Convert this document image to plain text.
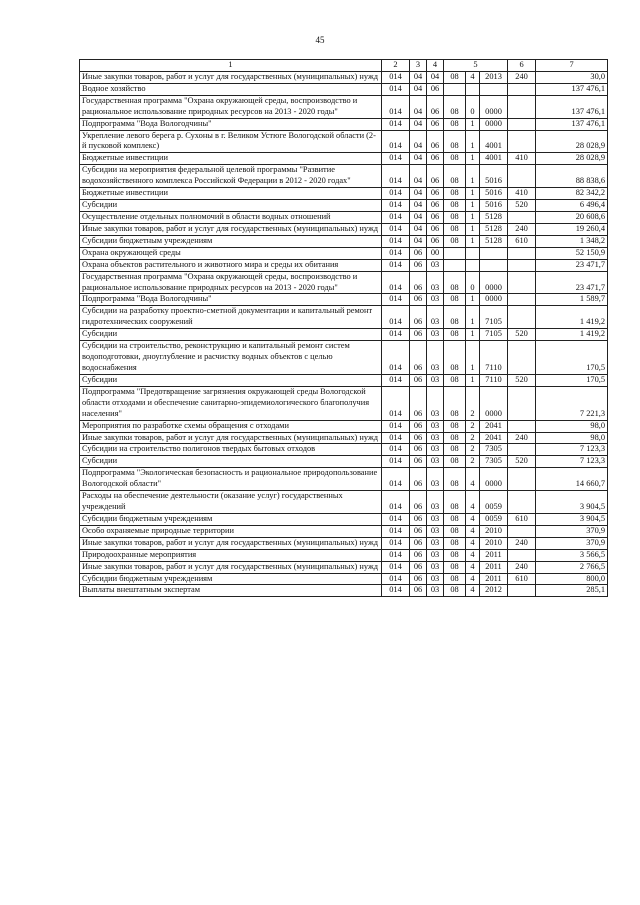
45
1	2	3	4	5			6	7
Иные закупки товаров, работ и услуг для государственных (муниципальных) нужд	014	04	04	08	4	2013	240	30,0
Водное хозяйство	014	04	06					137 476,1
Государственная программа "Охрана окружающей среды, воспроизводство и рациональное использование природных ресурсов на 2013 - 2020 годы"	014	04	06	08	0	0000		137 476,1
Подпрограмма "Вода Вологодчины"	014	04	06	08	1	0000		137 476,1
Укрепление левого берега р. Сухоны в г. Великом Устюге Вологодской области (2-й пусковой комплекс)	014	04	06	08	1	4001		28 028,9
Бюджетные инвестиции	014	04	06	08	1	4001	410	28 028,9
Субсидии на мероприятия федеральной целевой программы "Развитие водохозяйственного комплекса Российской Федерации в 2012 - 2020 годах"	014	04	06	08	1	5016		88 838,6
Бюджетные инвестиции	014	04	06	08	1	5016	410	82 342,2
Субсидии	014	04	06	08	1	5016	520	6 496,4
Осуществление отдельных полномочий в области водных отношений	014	04	06	08	1	5128		20 608,6
Иные закупки товаров, работ и услуг для государственных (муниципальных) нужд	014	04	06	08	1	5128	240	19 260,4
Субсидии бюджетным учреждениям	014	04	06	08	1	5128	610	1 348,2
Охрана окружающей среды	014	06	00					52 150,9
Охрана объектов растительного и животного мира и среды их обитания	014	06	03					23 471,7
Государственная программа "Охрана окружающей среды, воспроизводство и рациональное использование природных ресурсов на 2013 - 2020 годы"	014	06	03	08	0	0000		23 471,7
Подпрограмма "Вода Вологодчины"	014	06	03	08	1	0000		1 589,7
Субсидии на разработку проектно-сметной документации и капитальный ремонт гидротехнических сооружений	014	06	03	08	1	7105		1 419,2
Субсидии	014	06	03	08	1	7105	520	1 419,2
Субсидии на строительство, реконструкцию и капитальный ремонт систем водоподготовки, дноуглубление и расчистку водных объектов с целью водоснабжения	014	06	03	08	1	7110		170,5
Субсидии	014	06	03	08	1	7110	520	170,5
Подпрограмма "Предотвращение загрязнения окружающей среды Вологодской области отходами и обеспечение санитарно-эпидемиологического благополучия населения"	014	06	03	08	2	0000		7 221,3
Мероприятия по разработке схемы обращения с отходами	014	06	03	08	2	2041		98,0
Иные закупки товаров, работ и услуг для государственных (муниципальных) нужд	014	06	03	08	2	2041	240	98,0
Субсидии на строительство полигонов твердых бытовых отходов	014	06	03	08	2	7305		7 123,3
Субсидии	014	06	03	08	2	7305	520	7 123,3
Подпрограмма "Экологическая безопасность и рациональное природопользование Вологодской области"	014	06	03	08	4	0000		14 660,7
Расходы на обеспечение деятельности (оказание услуг) государственных учреждений	014	06	03	08	4	0059		3 904,5
Субсидии бюджетным учреждениям	014	06	03	08	4	0059	610	3 904,5
Особо охраняемые природные территории	014	06	03	08	4	2010		370,9
Иные закупки товаров, работ и услуг для государственных (муниципальных) нужд	014	06	03	08	4	2010	240	370,9
Природоохранные мероприятия	014	06	03	08	4	2011		3 566,5
Иные закупки товаров, работ и услуг для государственных (муниципальных) нужд	014	06	03	08	4	2011	240	2 766,5
Субсидии бюджетным учреждениям	014	06	03	08	4	2011	610	800,0
Выплаты внештатным экспертам	014	06	03	08	4	2012		285,1
